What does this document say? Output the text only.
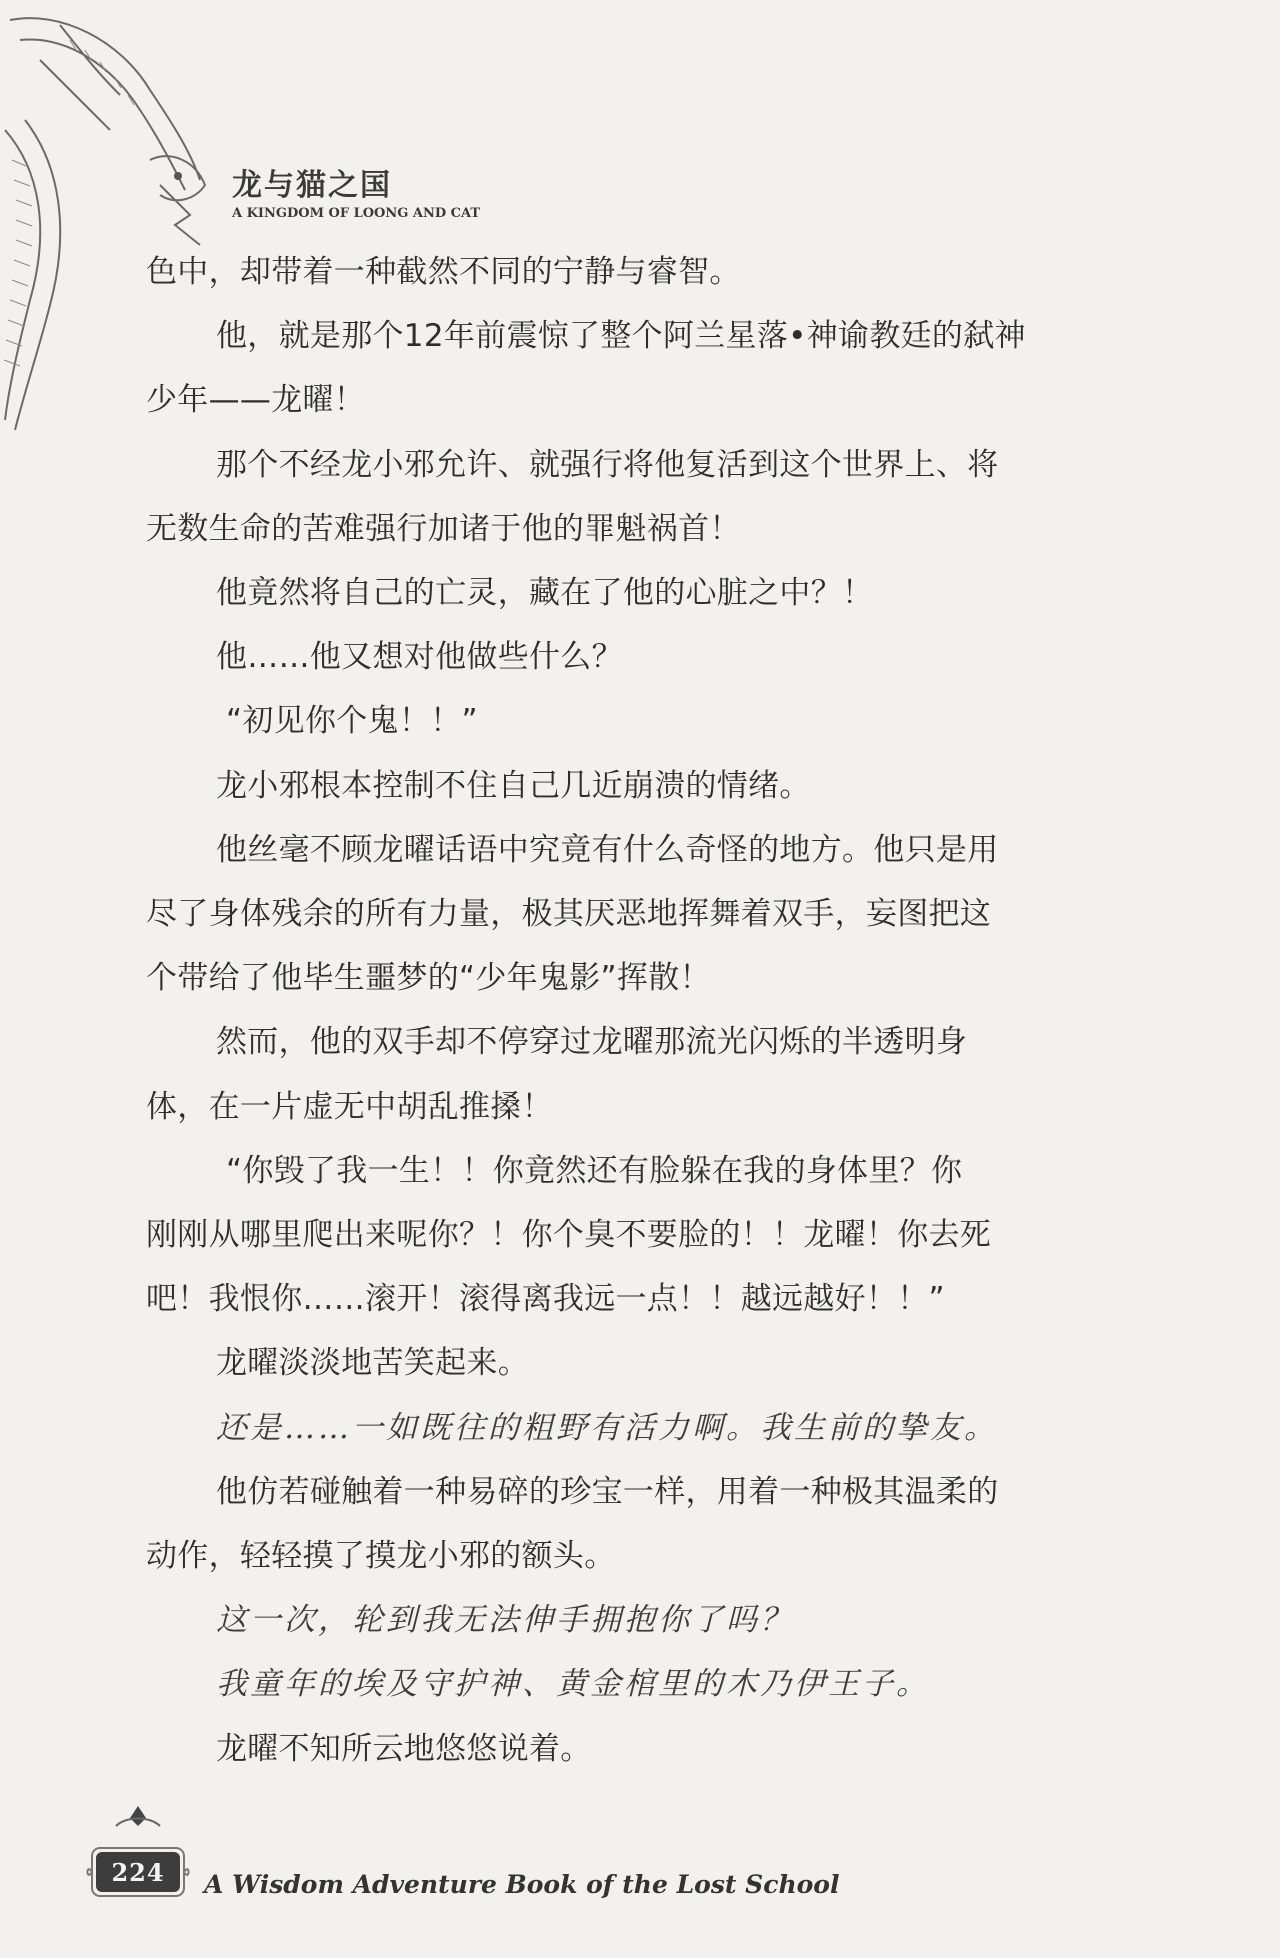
龙与猫之国
A KINGDOM OF LOONG AND CAT

色中，却带着一种截然不同的宁静与睿智。

他，就是那个12年前震惊了整个阿兰星落•神谕教廷的弑神

少年——龙曜！

那个不经龙小邪允许、就强行将他复活到这个世界上、将

无数生命的苦难强行加诸于他的罪魁祸首！

他竟然将自己的亡灵，藏在了他的心脏之中？！

他……他又想对他做些什么？

“初见你个鬼！！”

龙小邪根本控制不住自己几近崩溃的情绪。

他丝毫不顾龙曜话语中究竟有什么奇怪的地方。他只是用

尽了身体残余的所有力量，极其厌恶地挥舞着双手，妄图把这

个带给了他毕生噩梦的“少年鬼影”挥散！

然而，他的双手却不停穿过龙曜那流光闪烁的半透明身

体，在一片虚无中胡乱推搡！

“你毁了我一生！！你竟然还有脸躲在我的身体里？你

刚刚从哪里爬出来呢你？！你个臭不要脸的！！龙曜！你去死

吧！我恨你……滚开！滚得离我远一点！！越远越好！！”

龙曜淡淡地苦笑起来。

还是……一如既往的粗野有活力啊。我生前的挚友。

他仿若碰触着一种易碎的珍宝一样，用着一种极其温柔的

动作，轻轻摸了摸龙小邪的额头。

这一次，轮到我无法伸手拥抱你了吗？

我童年的埃及守护神、黄金棺里的木乃伊王子。

龙曜不知所云地悠悠说着。

224	A Wisdom Adventure Book of the Lost School
